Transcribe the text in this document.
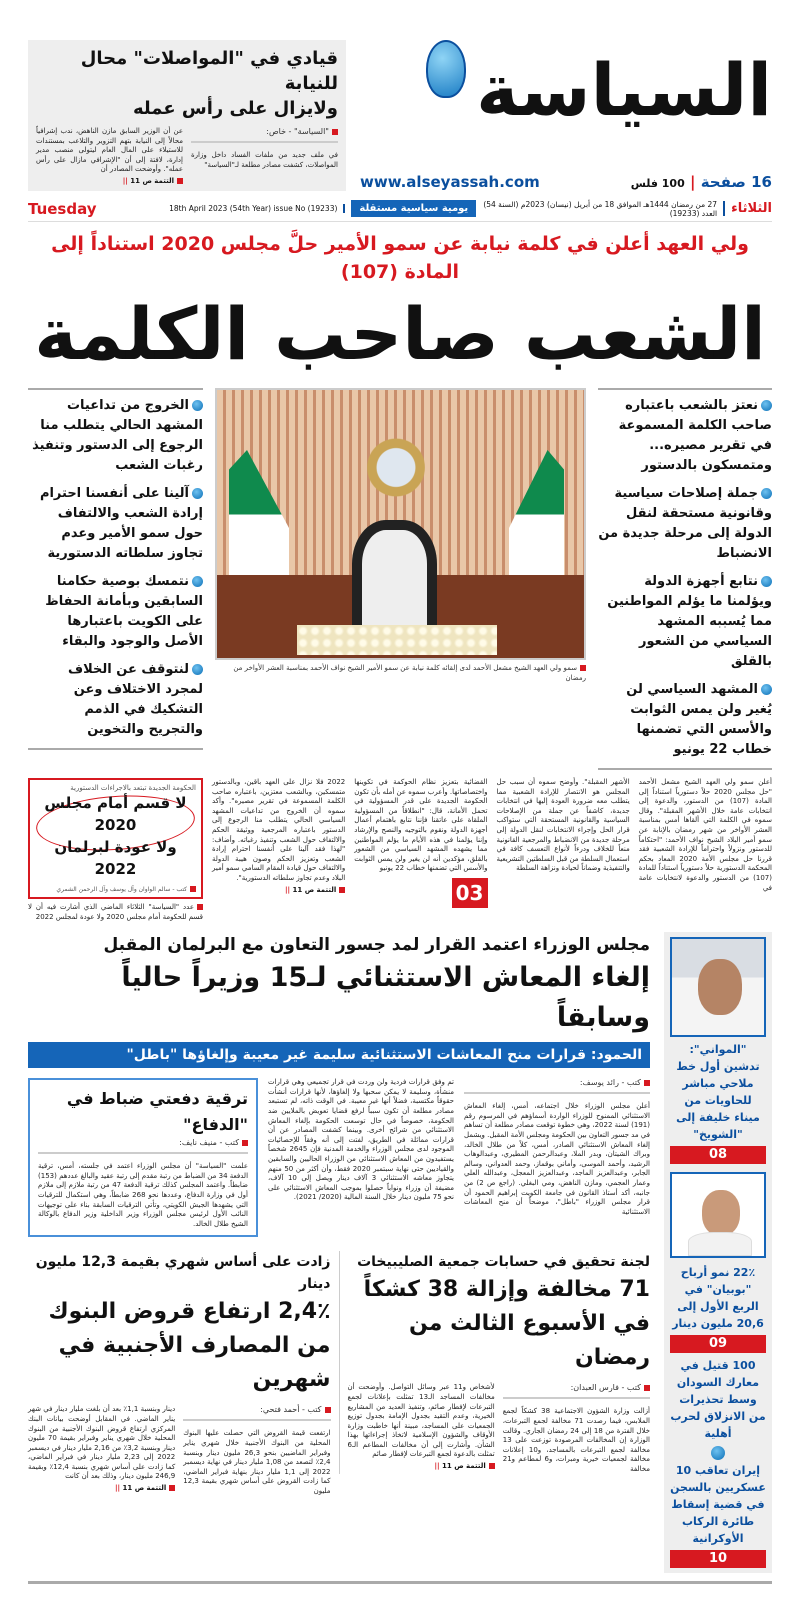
السياسة
16 صفحة | 100 فلس
www.alseyassah.com
قيادي في "المواصلات" محال للنيابة
ولايزال على رأس عمله
"السياسة" - خاص:
في ملف جديد من ملفات الفساد داخل وزارة المواصلات، كشفت مصادر مطلعة لـ"السياسة"
عن أن الوزير السابق مازن الناهض، ندب إشرافياً محالاً إلى النيابة بتهم التزوير والتلاعب بمستندات للاستيلاء على المال العام ليتولى منصب مدير إدارة، لافتة إلى أن "الإشرافي مازال على رأس عمله". وأوضحت المصادر أن
التتمة ص 11 ||
الثلاثاء
27 من رمضان 1444هـ الموافق 18 من أبريل (نيسان) 2023م (السنة 54) العدد (19233)
يومية سياسية مستقلة
18th April 2023 (54th Year) issue No (19233)
Tuesday
ولي العهد أعلن في كلمة نيابة عن سمو الأمير حلَّ مجلس 2020 استناداً إلى المادة (107)
الشعب صاحب الكلمة
نعتز بالشعب باعتباره صاحب الكلمة المسموعة في تقرير مصيره... ومتمسكون بالدستور
جملة إصلاحات سياسية وقانونية مستحقة لنقل الدولة إلى مرحلة جديدة من الانضباط
نتابع أجهزة الدولة ويؤلمنا ما يؤلم المواطنين مما يُسببه المشهد السياسي من الشعور بالقلق
المشهد السياسي لن يُغير ولن يمس الثوابت والأسس التي تضمنها خطاب 22 يونيو
سمو ولي العهد الشيخ مشعل الأحمد لدى إلقائه كلمة نيابة عن سمو الأمير الشيخ نواف الأحمد بمناسبة العشر الأواخر من رمضان
الخروج من تداعيات المشهد الحالي يتطلب منا الرجوع إلى الدستور وتنفيذ رغبات الشعب
آلينا على أنفسنا احترام إرادة الشعب والالتفاف حول سمو الأمير وعدم تجاوز سلطاته الدستورية
نتمسك بوصية حكامنا السابقين وبأمانة الحفاظ على الكويت باعتبارها الأصل والوجود والبقاء
لنتوقف عن الخلاف لمجرد الاختلاف وعن التشكيك في الذمم والتجريح والتخوين
أعلن سمو ولي العهد الشيخ مشعل الأحمد "حل مجلس 2020 حلاً دستورياً استناداً إلى المادة (107) من الدستور، والدعوة إلى انتخابات عامة خلال الأشهر المقبلة". وقال سموه في الكلمة التي ألقاها أمس بمناسبة العشر الأواخر من شهر رمضان بالإنابة عن سمو أمير البلاد الشيخ نواف الأحمد: "احتكاماً للدستور ونزولاً واحتراماً للإرادة الشعبية فقد قررنا حل مجلس الأمة 2020 المعاد بحكم المحكمة الدستورية حلاً دستورياً استناداً للمادة (107) من الدستور والدعوة لانتخابات عامة في
الأشهر المقبلة". وأوضح سموه أن سبب حل المجلس هو الانتصار للإرادة الشعبية مما يتطلب معه ضرورة العودة إليها في انتخابات جديدة، كاشفاً عن جملة من الإصلاحات السياسية والقانونية المستحقة التي ستواكب قرار الحل وإجراء الانتخابات لنقل الدولة إلى مرحلة جديدة من الانضباط والمرجعية القانونية منعاً للخلاف ودرءاً لأنواع التعسف كافة في استعمال السلطة من قبل السلطتين التشريعية والتنفيذية وضماناً لحيادة ونزاهة السلطة
القضائية بتعزيز نظام الحوكمة في تكوينها واختصاصاتها. وأعرب سموه عن أمله بأن تكون الحكومة الجديدة على قدر المسؤولية في تحمل الأمانة، قال: "انطلاقاً من المسؤولية الملقاة على عاتقنا فإننا نتابع باهتمام أعمال أجهزة الدولة ونقوم بالتوجيه والنصح والإرشاد وإننا يؤلمنا في هذه الأيام ما يؤلم المواطنين مما يشهده المشهد السياسي من الشعور بالقلق، مؤكدين أنه لن يغير ولن يمس الثوابت والأسس التي تضمنها خطاب 22 يونيو
03
2022 فلا نزال على العهد باقين، وبالدستور متمسكين، وبالشعب معتزين، باعتباره صاحب الكلمة المسموعة في تقرير مصيره". وأكد سموه أن الخروج من تداعيات المشهد السياسي الحالي يتطلب منا الرجوع إلى الدستور باعتباره المرجعية ووثيقة الحكم والالتفاف حول الشعب وتنفيذ رغباته. وأضاف: "لهذا فقد آلينا على أنفسنا احترام إرادة الشعب وتعزيز الحكم وصون هيبة الدولة والالتفاف حول قيادة المقام السامي سمو أمير البلاد وعدم تجاوز سلطاته الدستورية".
التتمة ص 11 ||
الحكومة الجديدة تبتعد بالاجراءات الدستورية
لا قسم أمام مجلس 2020
ولا عودة لبرلمان 2022
كتب - سالم الواوان وآل يوسف وآل الرحمن الشمري
عدد "السياسة" الثلاثاء الماضي الذي أشارت فيه أن لا قسم للحكومة أمام مجلس 2020 ولا عودة لمجلس 2022
"المواني": تدشين أول خط ملاحي مباشر للحاويات من ميناء خليفة إلى "الشويخ"
08
22٪ نمو أرباح "بوبيان" في الربع الأول إلى 20,6 مليون دينار
09
100 قتيل في معارك السودان وسط تحذيرات من الانزلاق لحرب أهلية
إيران تعاقب 10 عسكريين بالسجن في قضية إسقاط طائرة الركاب الأوكرانية
10
مجلس الوزراء اعتمد القرار لمد جسور التعاون مع البرلمان المقبل
إلغاء المعاش الاستثنائي لـ15 وزيراً حالياً وسابقاً
الحمود: قرارات منح المعاشات الاستثنائية سليمة غير معيبة وإلغاؤها "باطل"
كتب - رائد يوسف:
أعلن مجلس الوزراء خلال اجتماعه، أمس، إلغاء المعاش الاستثنائي الممنوح للوزراء الواردة أسماؤهم في المرسوم رقم (191) لسنة 2022، وهي خطوة توقعت مصادر مطلعة أن تساهم في مد جسور التعاون بين الحكومة ومجلس الأمة المقبل. ويشمل إلغاء المعاش الاستثنائي الصادر، أمس، كلاً من طلال الخالد، وبراك الشيتان، وبدر الملا، وعبدالرحمن المطيري، وعبدالوهاب الرشيد، وأحمد الموسى، وأماني بوقماز، وحمد العدواني، وسالم الجابر، وعبدالعزيز الماجد، وعبدالعزيز المعجل، وعبدالله العلي وعمار العجمي، ومازن الناهض، ومي البغلي. (راجع ص 2) من جانبه، أكد أستاذ القانون في جامعة الكويت إبراهيم الحمود أن قرار مجلس الوزراء "باطل"، موضحاً أن منح المعاشات الاستثنائية
تم وفق قرارات فردية ولن وردت في قرار تجميعي وهي قرارات منشأة، وسليمة لا يمكن سحبها ولا إلغاؤها، لأنها قرارات أنشأت حقوقاً مكتسبة، فضلاً أنها غير معيبة. في الوقت ذاته، لم تستبعد مصادر مطلعة أن تكون سبباً لرفع قضايا تعويض بالملايين ضد الحكومة، خصوصاً في حال توسعت الحكومة بإلغاء المعاش الاستثنائي من شرائح أخرى. وبينما كشفت المصادر عن أن قرارات مماثلة في الطريق، لفتت إلى أنه وفقاً للإحصائيات الموجود لدى مجلس الوزراء والخدمة المدنية فإن 2645 شخصاً يستفيدون من المعاش الاستثنائي من الوزراء الحاليين والسابقين والقياديين حتى نهاية سبتمبر 2020 فقط، وأن أكثر من 50 منهم يتجاوز معاشه الاستثنائي 3 آلاف دينار ويصل إلى 10 آلاف، مضيفة أن وزراء ونواباً حصلوا بموجب المعاش الاستثنائي على نحو 75 مليون دينار خلال السنة المالية (2020/ 2021).
ترقية دفعتي ضباط في "الدفاع"
كتب - منيف نايف:
علمت "السياسة" أن مجلس الوزراء اعتمد في جلسته، أمس، ترقية الدفعة 34 من الضباط من رتبة مقدم إلى رتبة عقيد والبالغ عددهم (153) ضابطاً. واعتمد المجلس كذلك ترقية الدفعة 47 من رتبة ملازم إلى ملازم أول في وزارة الدفاع، وعددها نحو 268 ضابطاً، وهي استكمال للترقيات التي يشهدها الجيش الكويتي، وتأتي الترقيات السابقة بناء على توجيهات النائب الأول لرئيس مجلس الوزراء وزير الداخلية وزير الدفاع بالوكالة الشيخ طلال الخالد.
لجنة تحقيق في حسابات جمعية الصليبيخات
71 مخالفة وإزالة 38 كشكاً
في الأسبوع الثالث من رمضان
كتب - فارس العبدان:
أزالت وزارة الشؤون الاجتماعية 38 كشكاً لجمع الملابس، فيما رصدت 71 مخالفة لجمع التبرعات، خلال الفترة من 18 إلى 24 رمضان الجاري. وقالت الوزارة إن المخالفات المرصودة توزعت على 13 مخالفة لجمع التبرعات بالمساجد، و10 إعلانات مخالفة لجمعيات خيرية ومبرات، و6 لمطاعم و21 مخالفة
لأشخاص و11 عبر وسائل التواصل. وأوضحت أن مخالفات المساجد الـ13 تمثلت بإعلانات لجمع التبرعات لإفطار صائم، وتنفيذ العديد من المشاريع الخيرية، وعدم التقيد بجدول الإمامة بجدول توزيع الجمعيات على المساجد، مبينة أنها خاطبت وزارة الأوقاف والشؤون الإسلامية لاتخاذ إجراءاتها بهذا الشأن. وأشارت إلى أن مخالفات المطاعم الـ6 تمثلت بالدعوة لجمع التبرعات لإفطار صائم
التتمة ص 11 ||
زادت على أساس شهري بقيمة 12,3 مليون دينار
2,4٪ ارتفاع قروض البنوك
من المصارف الأجنبية في شهرين
كتب - أحمد فتحي:
ارتفعت قيمة القروض التي حصلت عليها البنوك المحلية من البنوك الأجنبية خلال شهري يناير وفبراير الماضيين بنحو 26,3 مليون دينار وبنسبة 2,4٪ لتصعد من 1,08 مليار دينار في نهاية ديسمبر 2022 إلى 1,1 مليار دينار بنهاية فبراير الماضي، كما زادت القروض على أساس شهري بقيمة 12,3 مليون
دينار وبنسبة 1,1٪ بعد أن بلغت مليار دينار في شهر يناير الماضي. في المقابل أوضحت بيانات البنك المركزي ارتفاع قروض البنوك الأجنبية من البنوك المحلية خلال شهري يناير وفبراير بقيمة 70 مليون دينار وبنسبة 3,2٪ من 2,16 مليار دينار في ديسمبر 2022 إلى 2,23 مليار دينار في فبراير الماضي، كما زادت على أساس شهري بنسبة 12,4٪ وبقيمة 246,9 مليون دينار، وذلك بعد أن كانت
التتمة ص 11 ||
